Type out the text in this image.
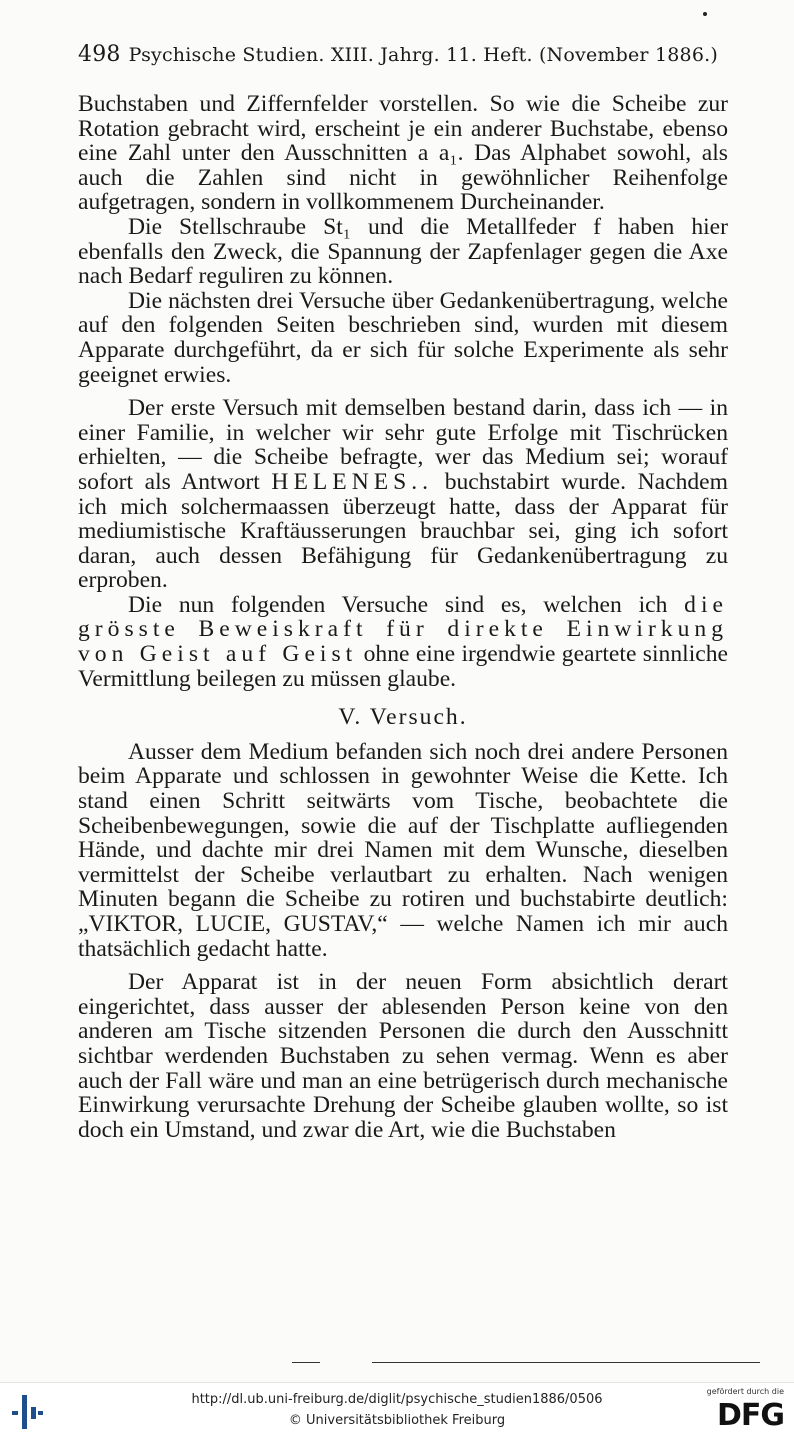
498 Psychische Studien. XIII. Jahrg. 11. Heft. (November 1886.)

Buchstaben und Ziffernfelder vorstellen. So wie die Scheibe zur Rotation gebracht wird, erscheint je ein anderer Buchstabe, ebenso eine Zahl unter den Ausschnitten a a₁. Das Alphabet sowohl, als auch die Zahlen sind nicht in gewöhnlicher Reihenfolge aufgetragen, sondern in vollkommenem Durcheinander.

Die Stellschraube St₁ und die Metallfeder f haben hier ebenfalls den Zweck, die Spannung der Zapfenlager gegen die Axe nach Bedarf reguliren zu können.

Die nächsten drei Versuche über Gedankenübertragung, welche auf den folgenden Seiten beschrieben sind, wurden mit diesem Apparate durchgeführt, da er sich für solche Experimente als sehr geeignet erwies.

Der erste Versuch mit demselben bestand darin, dass ich — in einer Familie, in welcher wir sehr gute Erfolge mit Tischrücken erhielten, — die Scheibe befragte, wer das Medium sei; worauf sofort als Antwort HELENES.. buchstabirt wurde. Nachdem ich mich solchermaassen überzeugt hatte, dass der Apparat für mediumistische Kraftäusserungen brauchbar sei, ging ich sofort daran, auch dessen Befähigung für Gedankenübertragung zu erproben.

Die nun folgenden Versuche sind es, welchen ich die grösste Beweiskraft für direkte Einwirkung von Geist auf Geist ohne eine irgendwie geartete sinnliche Vermittlung beilegen zu müssen glaube.

V. Versuch.

Ausser dem Medium befanden sich noch drei andere Personen beim Apparate und schlossen in gewohnter Weise die Kette. Ich stand einen Schritt seitwärts vom Tische, beobachtete die Scheibenbewegungen, sowie die auf der Tischplatte aufliegenden Hände, und dachte mir drei Namen mit dem Wunsche, dieselben vermittelst der Scheibe verlautbart zu erhalten. Nach wenigen Minuten begann die Scheibe zu rotiren und buchstabirte deutlich: „VIKTOR, LUCIE, GUSTAV,“ — welche Namen ich mir auch thatsächlich gedacht hatte.

Der Apparat ist in der neuen Form absichtlich derart eingerichtet, dass ausser der ablesenden Person keine von den anderen am Tische sitzenden Personen die durch den Ausschnitt sichtbar werdenden Buchstaben zu sehen vermag. Wenn es aber auch der Fall wäre und man an eine betrügerisch durch mechanische Einwirkung verursachte Drehung der Scheibe glauben wollte, so ist doch ein Umstand, und zwar die Art, wie die Buchstaben

http://dl.ub.uni-freiburg.de/diglit/psychische_studien1886/0506
© Universitätsbibliothek Freiburg
gefördert durch die
DFG
